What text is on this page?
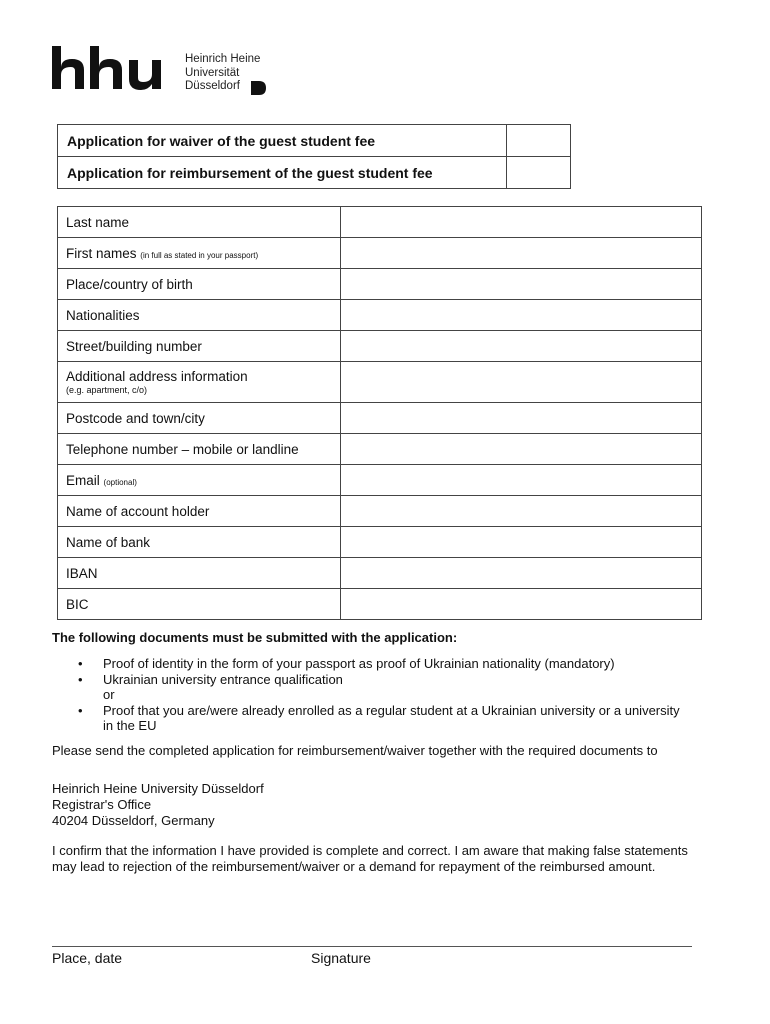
Heinrich Heine
Universität
Düsseldorf
Application for waiver of the guest student fee	
Application for reimbursement of the guest student fee	
Last name	
First names (in full as stated in your passport)	
Place/country of birth	
Nationalities	
Street/building number	
Additional address information
(e.g. apartment, c/o)	

Postcode and town/city	
Telephone number – mobile or landline	
Email (optional)	
Name of account holder	
Name of bank	
IBAN	
BIC	
The following documents must be submitted with the application:
• Proof of identity in the form of your passport as proof of Ukrainian nationality (mandatory)
• Ukrainian university entrance qualification
or
• Proof that you are/were already enrolled as a regular student at a Ukrainian university or a university in the EU
Please send the completed application for reimbursement/waiver together with the required documents to
Heinrich Heine University Düsseldorf
Registrar's Office
40204 Düsseldorf, Germany
I confirm that the information I have provided is complete and correct. I am aware that making false statements may lead to rejection of the reimbursement/waiver or a demand for repayment of the reimbursed amount.
Place, date	Signature
